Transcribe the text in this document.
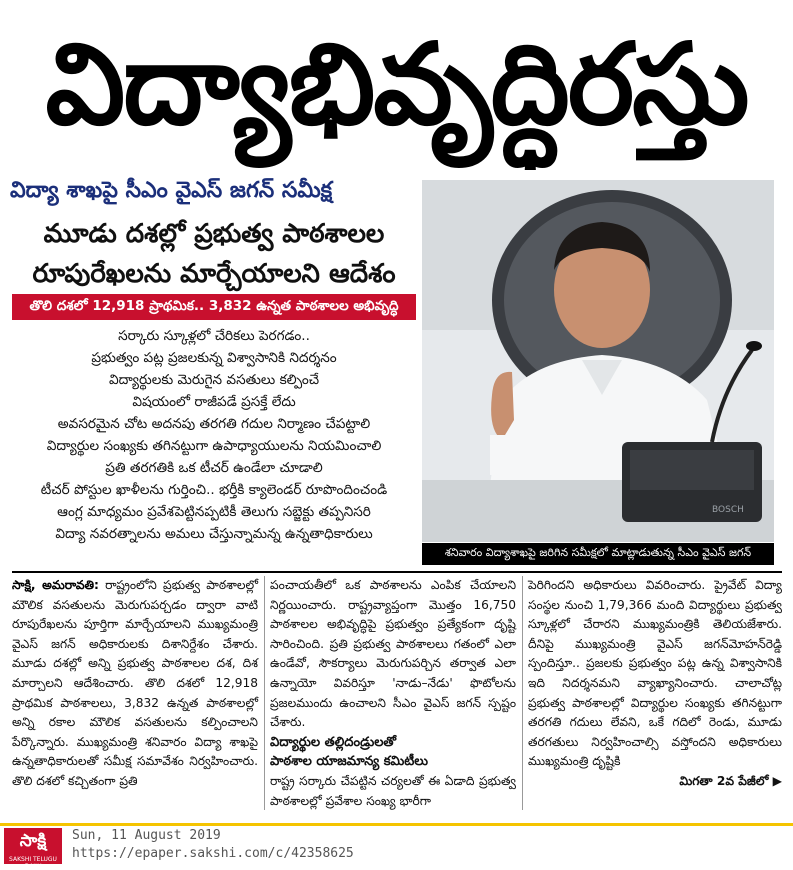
విద్యాభివృద్ధిరస్తు
విద్యా శాఖపై సీఎం వైఎస్‌ జగన్‌ సమీక్ష
మూడు దశల్లో ప్రభుత్వ పాఠశాలల
రూపురేఖలను మార్చేయాలని ఆదేశం
తొలి దశలో 12,918 ప్రాథమిక.. 3,832 ఉన్నత పాఠశాలల అభివృద్ధి
సర్కారు స్కూళ్లలో చేరికలు పెరగడం..
ప్రభుత్వం పట్ల ప్రజలకున్న విశ్వాసానికి నిదర్శనం
విద్యార్థులకు మెరుగైన వసతులు కల్పించే
విషయంలో రాజీపడే ప్రసక్తే లేదు
అవసరమైన చోట అదనపు తరగతి గదుల నిర్మాణం చేపట్టాలి
విద్యార్థుల సంఖ్యకు తగినట్టుగా ఉపాధ్యాయులను నియమించాలి
ప్రతి తరగతికి ఒక టీచర్‌ ఉండేలా చూడాలి
టీచర్‌ పోస్టుల ఖాళీలను గుర్తించి.. భర్తీకి క్యాలెండర్‌ రూపొందించండి
ఆంగ్ల మాధ్యమం ప్రవేశపెట్టినప్పటికీ తెలుగు సబ్జెక్టు తప్పనిసరి
విద్యా నవరత్నాలను అమలు చేస్తున్నామన్న ఉన్నతాధికారులు
BOSCH
శనివారం విద్యాశాఖపై జరిగిన సమీక్షలో మాట్లాడుతున్న సీఎం వైఎస్‌ జగన్‌

సాక్షి, అమరావతి: రాష్ట్రంలోని ప్రభుత్వ పాఠశాలల్లో మౌలిక వసతులను మెరుగుపర్చడం ద్వారా వాటి రూపురేఖలను పూర్తిగా మార్చేయాలని ముఖ్యమంత్రి వైఎస్‌ జగన్‌ అధికారులకు దిశానిర్దేశం చేశారు. మూడు దశల్లో అన్ని ప్రభుత్వ పాఠశాలల దశ, దిశ మార్చాలని ఆదేశించారు. తొలి దశలో 12,918 ప్రాథమిక పాఠశాలలు, 3,832 ఉన్నత పాఠశాలల్లో అన్ని రకాల మౌలిక వసతులను కల్పించాలని పేర్కొన్నారు. ముఖ్యమంత్రి శనివారం విద్యా శాఖపై ఉన్నతాధికారులతో సమీక్ష సమావేశం నిర్వహించారు. తొలి దశలో కచ్చితంగా ప్రతి

పంచాయతీలో ఒక పాఠశాలను ఎంపిక చేయాలని నిర్ణయించారు. రాష్ట్రవ్యాప్తంగా మొత్తం 16,750 పాఠశాలల అభివృద్ధిపై ప్రభుత్వం ప్రత్యేకంగా దృష్టి సారించింది. ప్రతి ప్రభుత్వ పాఠశాలలు గతంలో ఎలా ఉండేవో, సౌకర్యాలు మెరుగుపర్చిన తర్వాత ఎలా ఉన్నాయో వివరిస్తూ 'నాడు–నేడు' ఫొటోలను ప్రజలముందు ఉంచాలని సీఎం వైఎస్‌ జగన్‌ స్పష్టం చేశారు.

విద్యార్థుల తల్లిదండ్రులతో
పాఠశాల యాజమాన్య కమిటీలు

రాష్ట్ర సర్కారు చేపట్టిన చర్యలతో ఈ ఏడాది ప్రభుత్వ పాఠశాలల్లో ప్రవేశాల సంఖ్య భారీగా

పెరిగిందని అధికారులు వివరించారు. ప్రైవేట్‌ విద్యా సంస్థల నుంచి 1,79,366 మంది విద్యార్థులు ప్రభుత్వ స్కూళ్లలో చేరారని ముఖ్యమంత్రికి తెలియజేశారు. దీనిపై ముఖ్యమంత్రి వైఎస్‌ జగన్‌మోహన్‌రెడ్డి స్పందిస్తూ.. ప్రజలకు ప్రభుత్వం పట్ల ఉన్న విశ్వాసానికి ఇది నిదర్శనమని వ్యాఖ్యానించారు. చాలాచోట్ల ప్రభుత్వ పాఠశాలల్లో విద్యార్థుల సంఖ్యకు తగినట్టుగా తరగతి గదులు లేవని, ఒకే గదిలో రెండు, మూడు తరగతులు నిర్వహించాల్సి వస్తోందని అధికారులు ముఖ్యమంత్రి దృష్టికి

మిగతా 2వ పేజీలో ▶
సాక్షి
SAKSHI TELUGU DAILY
Sun, 11 August 2019
https://epaper.sakshi.com/c/42358625
